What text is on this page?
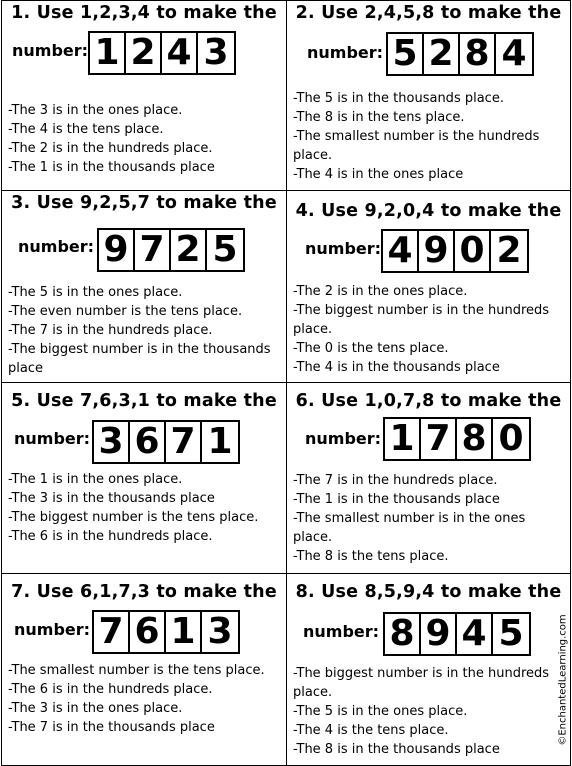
1. Use 1,2,3,4 to make the
number: 1 2 4 3
-The 3 is in the ones place.
-The 4 is the tens place.
-The 2 is in the hundreds place.
-The 1 is in the thousands place
2. Use 2,4,5,8 to make the
number: 5 2 8 4
-The 5 is in the thousands place.
-The 8 is in the tens place.
-The smallest number is the hundreds place.
-The 4 is in the ones place
3. Use 9,2,5,7 to make the
number: 9 7 2 5
-The 5 is in the ones place.
-The even number is the tens place.
-The 7 is in the hundreds place.
-The biggest number is in the thousands place
4. Use 9,2,0,4 to make the
number: 4 9 0 2
-The 2 is in the ones place.
-The biggest number is in the hundreds place.
-The 0 is the tens place.
-The 4 is in the thousands place
5. Use 7,6,3,1 to make the
number: 3 6 7 1
-The 1 is in the ones place.
-The 3 is in the thousands place
-The biggest number is the tens place.
-The 6 is in the hundreds place.
6. Use 1,0,7,8 to make the
number: 1 7 8 0
-The 7 is in the hundreds place.
-The 1 is in the thousands place
-The smallest number is in the ones place.
-The 8 is the tens place.
7. Use 6,1,7,3 to make the
number: 7 6 1 3
-The smallest number is the tens place.
-The 6 is in the hundreds place.
-The 3 is in the ones place.
-The 7 is in the thousands place
8. Use 8,5,9,4 to make the
number: 8 9 4 5
-The biggest number is in the hundreds place.
-The 5 is in the ones place.
-The 4 is the tens place.
-The 8 is in the thousands place
©EnchantedLearning.com
